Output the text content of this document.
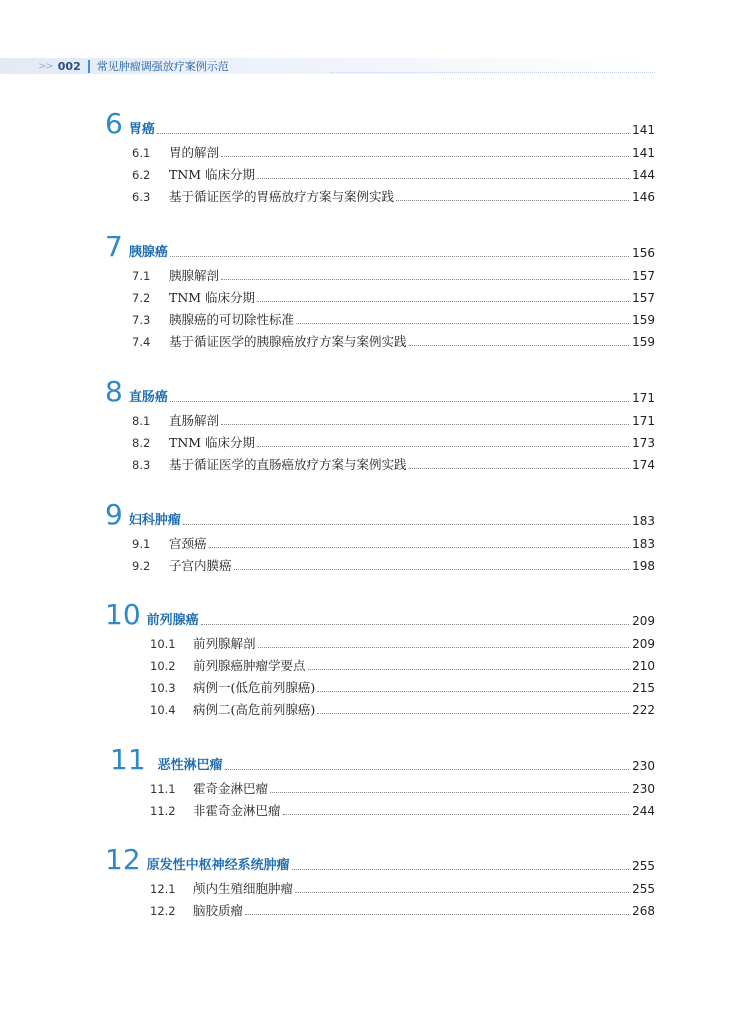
>> 002 常见肿瘤调强放疗案例示范
6 胃癌	141
6.1	胃的解剖	141
6.2	TNM 临床分期	144
6.3	基于循证医学的胃癌放疗方案与案例实践	146
7 胰腺癌	156
7.1	胰腺解剖	157
7.2	TNM 临床分期	157
7.3	胰腺癌的可切除性标准	159
7.4	基于循证医学的胰腺癌放疗方案与案例实践	159
8 直肠癌	171
8.1	直肠解剖	171
8.2	TNM 临床分期	173
8.3	基于循证医学的直肠癌放疗方案与案例实践	174
9 妇科肿瘤	183
9.1	宫颈癌	183
9.2	子宫内膜癌	198
10 前列腺癌	209
10.1	前列腺解剖	209
10.2	前列腺癌肿瘤学要点	210
10.3	病例一(低危前列腺癌)	215
10.4	病例二(高危前列腺癌)	222
11 恶性淋巴瘤	230
11.1	霍奇金淋巴瘤	230
11.2	非霍奇金淋巴瘤	244
12 原发性中枢神经系统肿瘤	255
12.1	颅内生殖细胞肿瘤	255
12.2	脑胶质瘤	268
